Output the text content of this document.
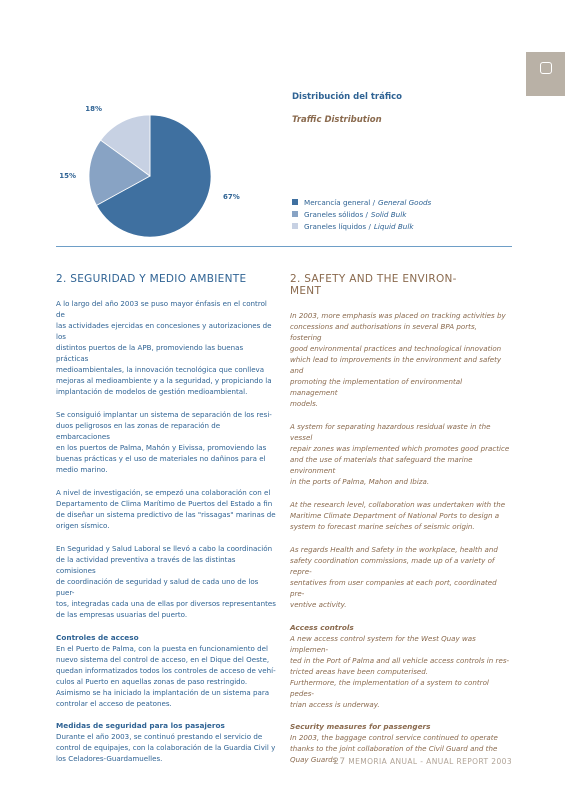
67%
18%
15%
Distribución del tráfico
Traffic Distribution
Mercancía general / General Goods
Graneles sólidos / Solid Bulk
Graneles líquidos / Liquid Bulk
2. SEGURIDAD Y MEDIO AMBIENTE

A lo largo del año 2003 se puso mayor énfasis en el control de
las actividades ejercidas en concesiones y autorizaciones de los
distintos puertos de la APB, promoviendo las buenas prácticas
medioambientales, la innovación tecnológica que conlleva
mejoras al medioambiente y a la seguridad, y propiciando la
implantación de modelos de gestión medioambiental.

Se consiguió implantar un sistema de separación de los resi-
duos peligrosos en las zonas de reparación de embarcaciones
en los puertos de Palma, Mahón y Eivissa, promoviendo las
buenas prácticas y el uso de materiales no dañinos para el
medio marino.

A nivel de investigación, se empezó una colaboración con el
Departamento de Clima Marítimo de Puertos del Estado a fin
de diseñar un sistema predictivo de las "rissagas" marinas de
origen sísmico.

En Seguridad y Salud Laboral se llevó a cabo la coordinación
de la actividad preventiva a través de las distintas comisiones
de coordinación de seguridad y salud de cada uno de los puer-
tos, integradas cada una de ellas por diversos representantes
de las empresas usuarias del puerto.

Controles de acceso

En el Puerto de Palma, con la puesta en funcionamiento del
nuevo sistema del control de acceso, en el Dique del Oeste,
quedan informatizados todos los controles de acceso de vehí-
culos al Puerto en aquellas zonas de paso restringido.
Asimismo se ha iniciado la implantación de un sistema para
controlar el acceso de peatones.

Medidas de seguridad para los pasajeros

Durante el año 2003, se continuó prestando el servicio de
control de equipajes, con la colaboración de la Guardia Civil y
los Celadores-Guardamuelles.

2. SAFETY AND THE ENVIRON-
MENT

In 2003, more emphasis was placed on tracking activities by
concessions and authorisations in several BPA ports, fostering
good environmental practices and technological innovation
which lead to improvements in the environment and safety and
promoting the implementation of environmental management
models.

A system for separating hazardous residual waste in the vessel
repair zones was implemented which promotes good practice
and the use of materials that safeguard the marine environment
in the ports of Palma, Mahon and Ibiza.

At the research level, collaboration was undertaken with the
Maritime Climate Department of National Ports to design a
system to forecast marine seiches of seismic origin.

As regards Health and Safety in the workplace, health and
safety coordination commissions, made up of a variety of repre-
sentatives from user companies at each port, coordinated pre-
ventive activity.

Access controls

A new access control system for the West Quay was implemen-
ted in the Port of Palma and all vehicle access controls in res-
tricted areas have been computerised.
Furthermore, the implementation of a system to control pedes-
trian access is underway.

Security measures for passengers

In 2003, the baggage control service continued to operate
thanks to the joint collaboration of the Civil Guard and the
Quay Guards

27 MEMORIA ANUAL - ANUAL REPORT 2003
